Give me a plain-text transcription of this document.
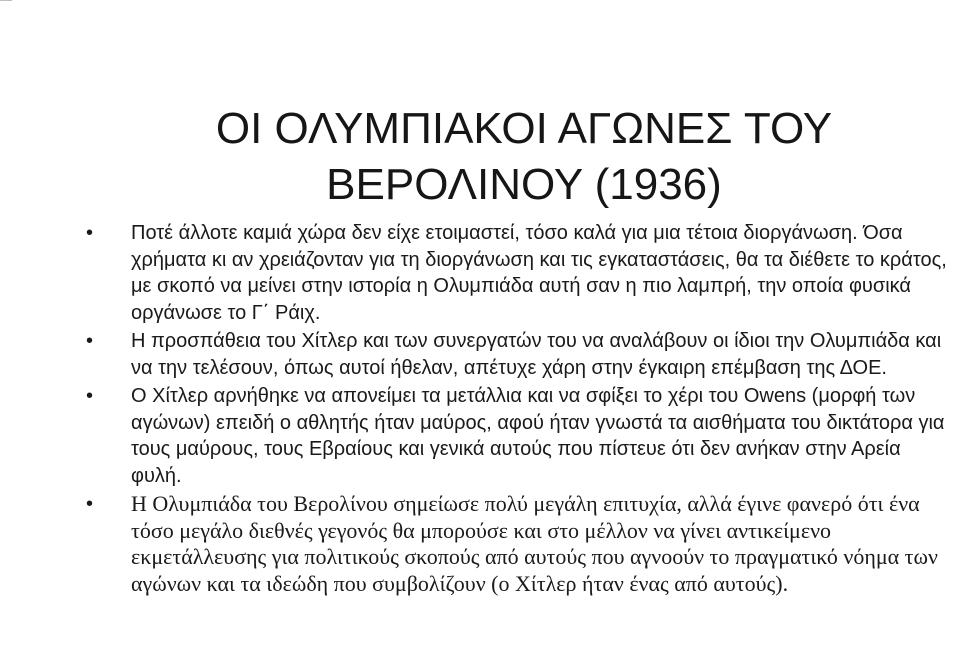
ΟΙ ΟΛΥΜΠΙΑΚΟΙ ΑΓΩΝΕΣ ΤΟΥ
ΒΕΡΟΛΙΝΟΥ (1936)
• Ποτέ άλλοτε καμιά χώρα δεν είχε ετοιμαστεί, τόσο καλά για μια τέτοια διοργάνωση. Όσα χρήματα κι αν χρειάζονταν για τη διοργάνωση και τις εγκαταστάσεις, θα τα διέθετε το κράτος, με σκοπό να μείνει στην ιστορία η Ολυμπιάδα αυτή σαν η πιο λαμπρή, την οποία φυσικά οργάνωσε το Γ΄ Ράιχ.
• Η προσπάθεια του Χίτλερ και των συνεργατών του να αναλάβουν οι ίδιοι την Ολυμπιάδα και να την τελέσουν, όπως αυτοί ήθελαν, απέτυχε χάρη στην έγκαιρη επέμβαση της ΔΟΕ.
• Ο Χίτλερ αρνήθηκε να απονείμει τα μετάλλια και να σφίξει το χέρι του Owens (μορφή των αγώνων) επειδή ο αθλητής ήταν μαύρος, αφού ήταν γνωστά τα αισθήματα του δικτάτορα για τους μαύρους, τους Εβραίους και γενικά αυτούς που πίστευε ότι δεν ανήκαν στην Αρεία φυλή.
• Η Ολυμπιάδα του Βερολίνου σημείωσε πολύ μεγάλη επιτυχία, αλλά έγινε φανερό ότι ένα τόσο μεγάλο διεθνές γεγονός θα μπορούσε και στο μέλλον να γίνει αντικείμενο εκμετάλλευσης για πολιτικούς σκοπούς από αυτούς που αγνοούν το πραγματικό νόημα των αγώνων και τα ιδεώδη που συμβολίζουν (ο Χίτλερ ήταν ένας από αυτούς).
